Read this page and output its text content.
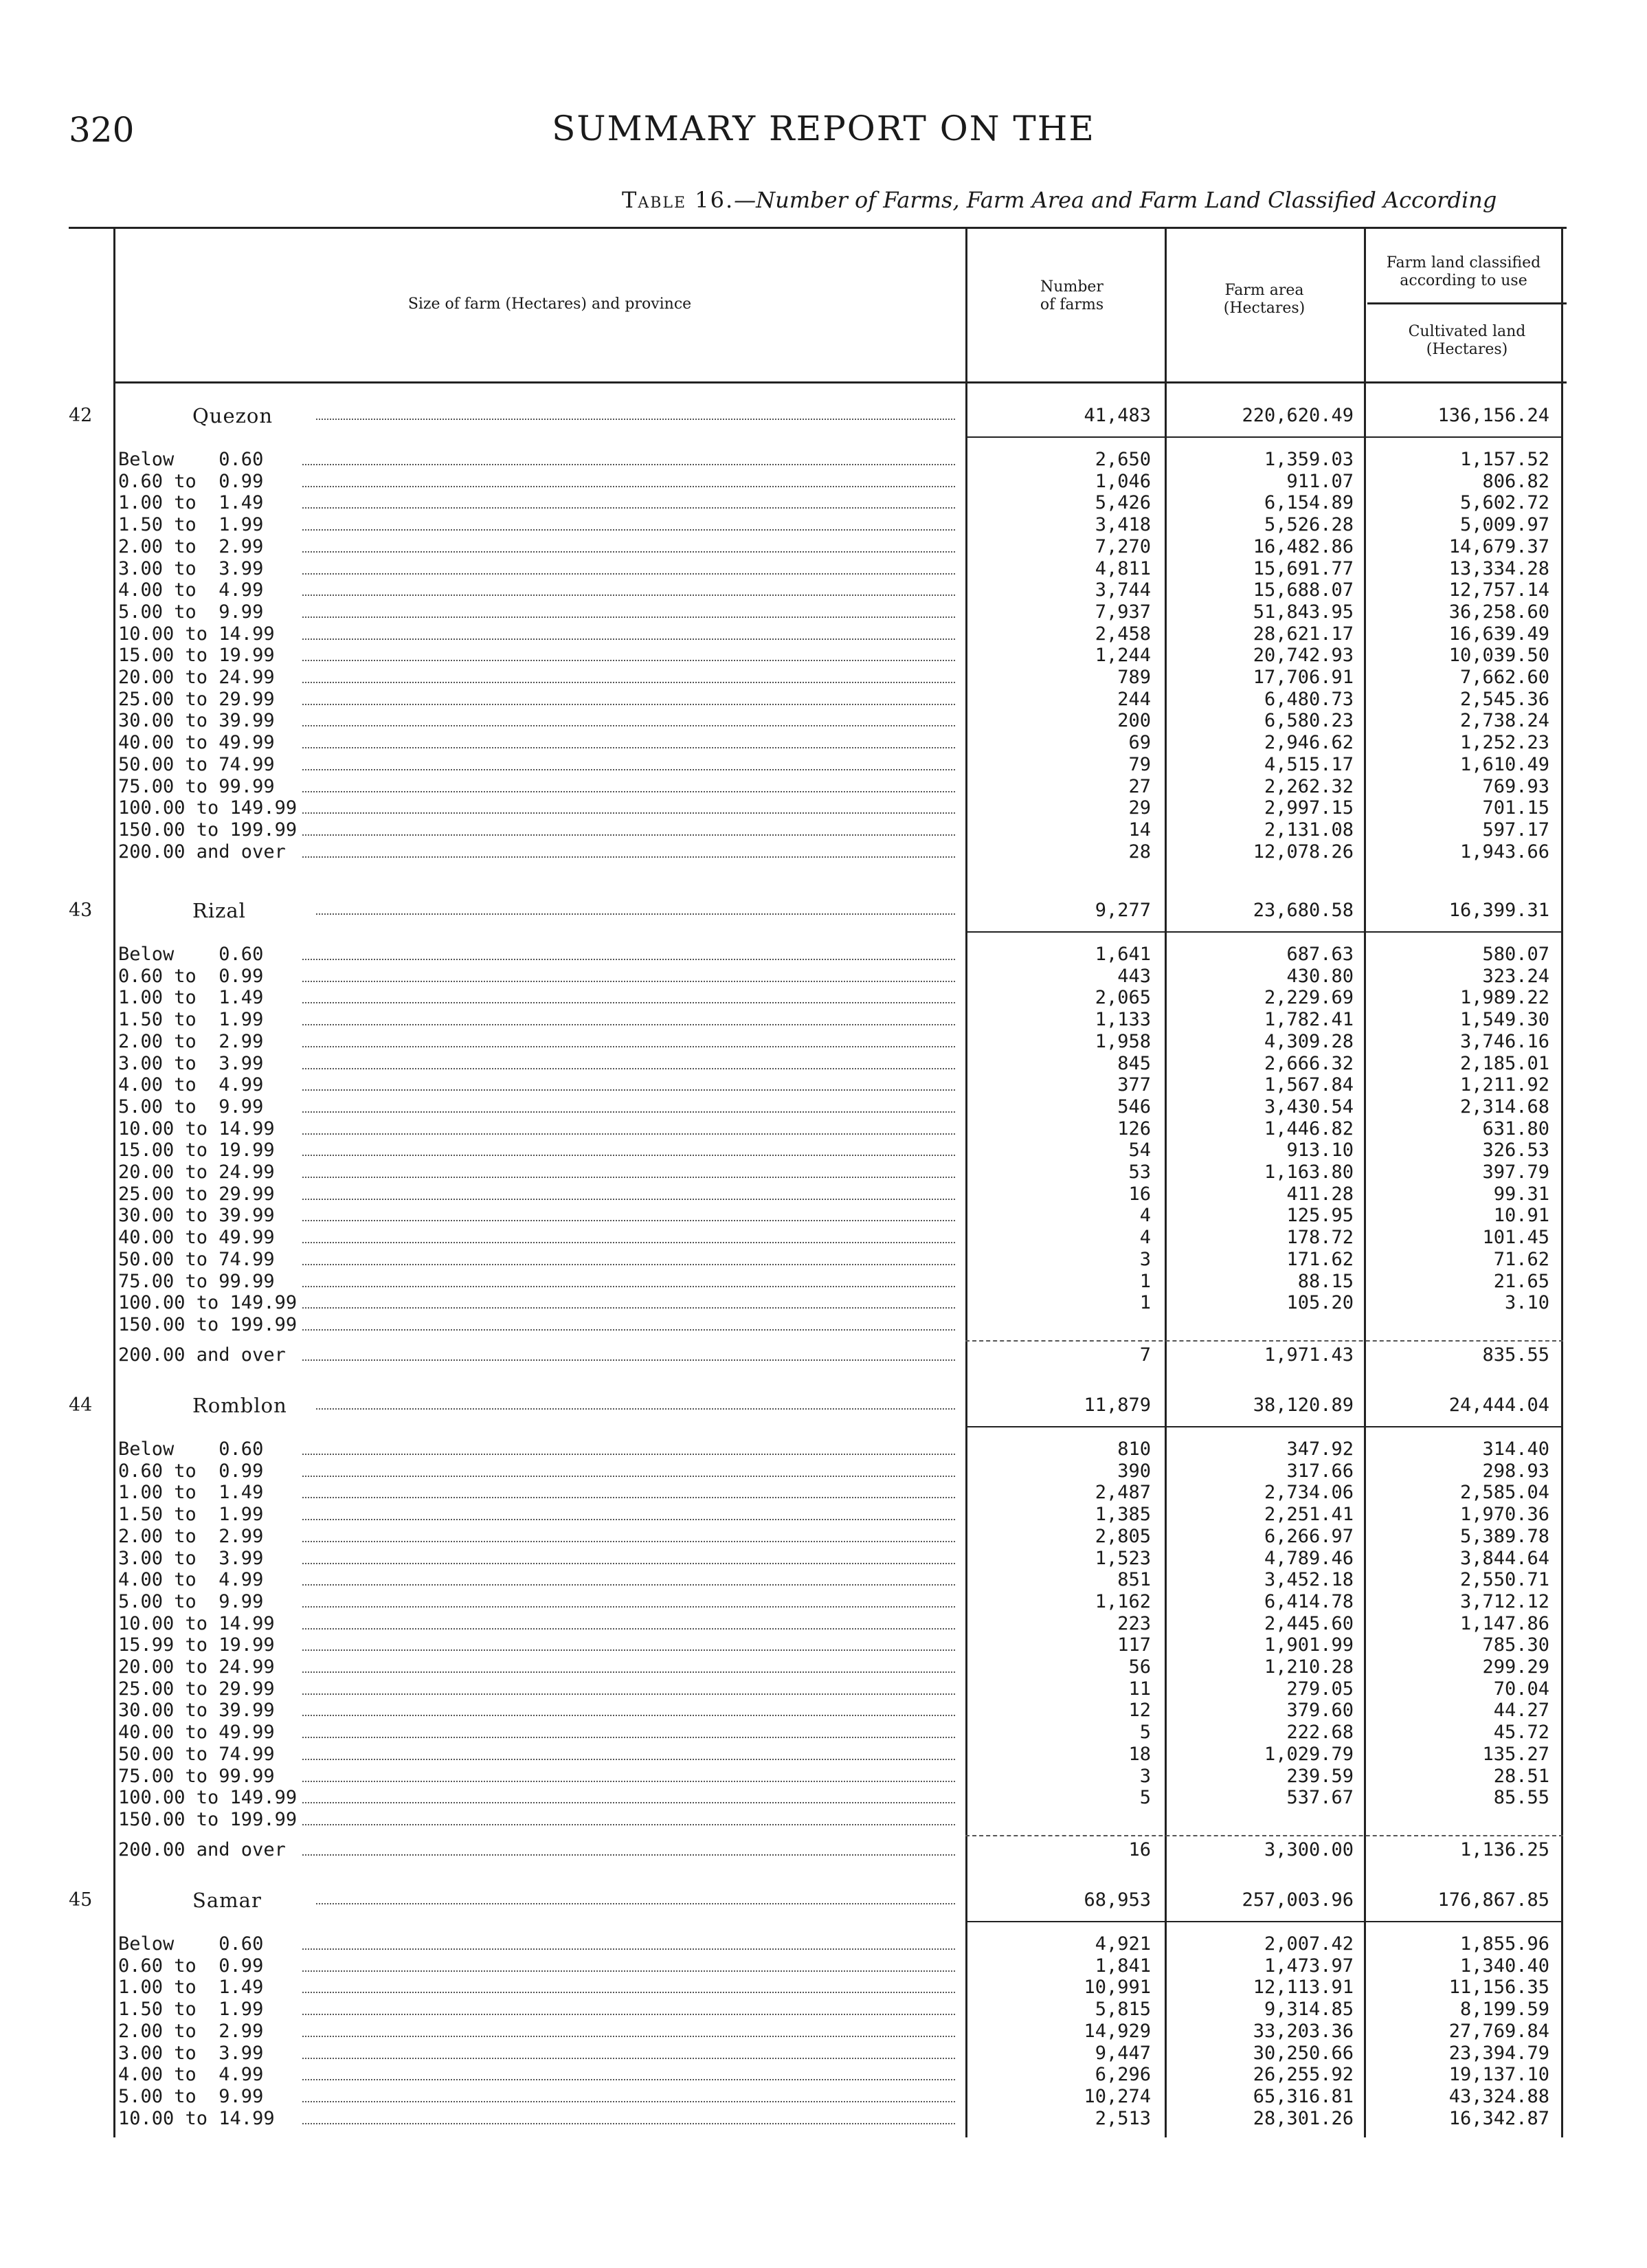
320	SUMMARY REPORT ON THE
Table 16.—Number of Farms, Farm Area and Farm Land Classified According
Size of farm (Hectares) and province
Number of farms
Farm area (Hectares)
Farm land classified according to use
Cultivated land (Hectares)
42	Quezon	41,483	220,620.49	136,156.24
Below    0.60	2,650	1,359.03	1,157.52
0.60 to  0.99	1,046	911.07	806.82
1.00 to  1.49	5,426	6,154.89	5,602.72
1.50 to  1.99	3,418	5,526.28	5,009.97
2.00 to  2.99	7,270	16,482.86	14,679.37
3.00 to  3.99	4,811	15,691.77	13,334.28
4.00 to  4.99	3,744	15,688.07	12,757.14
5.00 to  9.99	7,937	51,843.95	36,258.60
10.00 to 14.99	2,458	28,621.17	16,639.49
15.00 to 19.99	1,244	20,742.93	10,039.50
20.00 to 24.99	789	17,706.91	7,662.60
25.00 to 29.99	244	6,480.73	2,545.36
30.00 to 39.99	200	6,580.23	2,738.24
40.00 to 49.99	69	2,946.62	1,252.23
50.00 to 74.99	79	4,515.17	1,610.49
75.00 to 99.99	27	2,262.32	769.93
100.00 to 149.99	29	2,997.15	701.15
150.00 to 199.99	14	2,131.08	597.17
200.00 and over	28	12,078.26	1,943.66
43	Rizal	9,277	23,680.58	16,399.31
Below    0.60	1,641	687.63	580.07
0.60 to  0.99	443	430.80	323.24
1.00 to  1.49	2,065	2,229.69	1,989.22
1.50 to  1.99	1,133	1,782.41	1,549.30
2.00 to  2.99	1,958	4,309.28	3,746.16
3.00 to  3.99	845	2,666.32	2,185.01
4.00 to  4.99	377	1,567.84	1,211.92
5.00 to  9.99	546	3,430.54	2,314.68
10.00 to 14.99	126	1,446.82	631.80
15.00 to 19.99	54	913.10	326.53
20.00 to 24.99	53	1,163.80	397.79
25.00 to 29.99	16	411.28	99.31
30.00 to 39.99	4	125.95	10.91
40.00 to 49.99	4	178.72	101.45
50.00 to 74.99	3	171.62	71.62
75.00 to 99.99	1	88.15	21.65
100.00 to 149.99	1	105.20	3.10
150.00 to 199.99
200.00 and over	7	1,971.43	835.55
44	Romblon	11,879	38,120.89	24,444.04
Below    0.60	810	347.92	314.40
0.60 to  0.99	390	317.66	298.93
1.00 to  1.49	2,487	2,734.06	2,585.04
1.50 to  1.99	1,385	2,251.41	1,970.36
2.00 to  2.99	2,805	6,266.97	5,389.78
3.00 to  3.99	1,523	4,789.46	3,844.64
4.00 to  4.99	851	3,452.18	2,550.71
5.00 to  9.99	1,162	6,414.78	3,712.12
10.00 to 14.99	223	2,445.60	1,147.86
15.99 to 19.99	117	1,901.99	785.30
20.00 to 24.99	56	1,210.28	299.29
25.00 to 29.99	11	279.05	70.04
30.00 to 39.99	12	379.60	44.27
40.00 to 49.99	5	222.68	45.72
50.00 to 74.99	18	1,029.79	135.27
75.00 to 99.99	3	239.59	28.51
100.00 to 149.99	5	537.67	85.55
150.00 to 199.99
200.00 and over	16	3,300.00	1,136.25
45	Samar	68,953	257,003.96	176,867.85
Below    0.60	4,921	2,007.42	1,855.96
0.60 to  0.99	1,841	1,473.97	1,340.40
1.00 to  1.49	10,991	12,113.91	11,156.35
1.50 to  1.99	5,815	9,314.85	8,199.59
2.00 to  2.99	14,929	33,203.36	27,769.84
3.00 to  3.99	9,447	30,250.66	23,394.79
4.00 to  4.99	6,296	26,255.92	19,137.10
5.00 to  9.99	10,274	65,316.81	43,324.88
10.00 to 14.99	2,513	28,301.26	16,342.87
